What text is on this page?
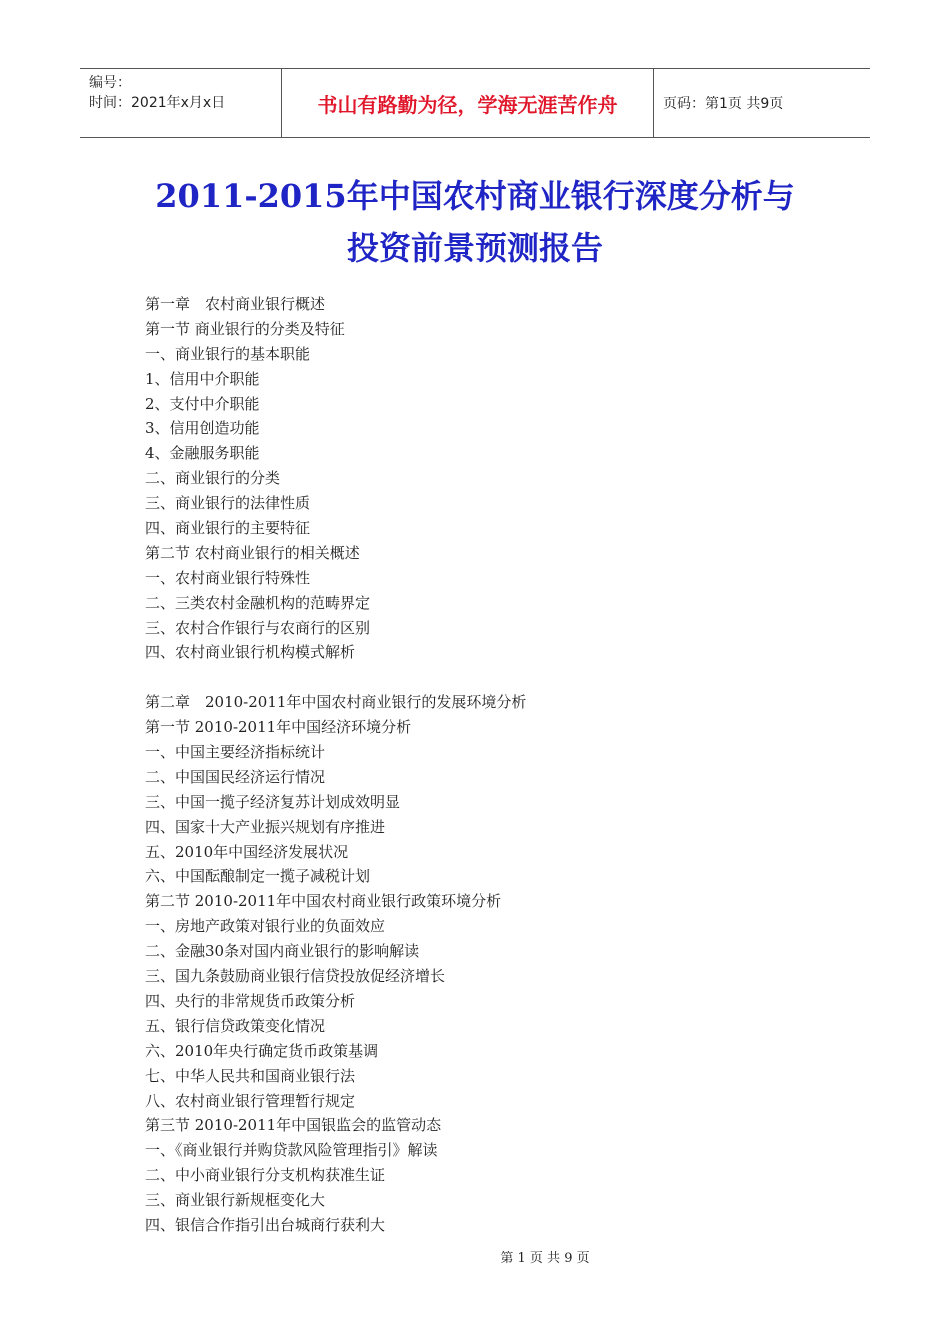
编号：
时间：2021年x月x日	书山有路勤为径，学海无涯苦作舟	页码：第1页 共9页
2011-2015年中国农村商业银行深度分析与
投资前景预测报告
第一章　农村商业银行概述
第一节 商业银行的分类及特征
一、商业银行的基本职能
1、信用中介职能
2、支付中介职能
3、信用创造功能
4、金融服务职能
二、商业银行的分类
三、商业银行的法律性质
四、商业银行的主要特征
第二节 农村商业银行的相关概述
一、农村商业银行特殊性
二、三类农村金融机构的范畴界定
三、农村合作银行与农商行的区别
四、农村商业银行机构模式解析
第二章　2010-2011年中国农村商业银行的发展环境分析
第一节 2010-2011年中国经济环境分析
一、中国主要经济指标统计
二、中国国民经济运行情况
三、中国一揽子经济复苏计划成效明显
四、国家十大产业振兴规划有序推进
五、2010年中国经济发展状况
六、中国酝酿制定一揽子减税计划
第二节 2010-2011年中国农村商业银行政策环境分析
一、房地产政策对银行业的负面效应
二、金融30条对国内商业银行的影响解读
三、国九条鼓励商业银行信贷投放促经济增长
四、央行的非常规货币政策分析
五、银行信贷政策变化情况
六、2010年央行确定货币政策基调
七、中华人民共和国商业银行法
八、农村商业银行管理暂行规定
第三节 2010-2011年中国银监会的监管动态
一、《商业银行并购贷款风险管理指引》解读
二、中小商业银行分支机构获准生证
三、商业银行新规框变化大
四、银信合作指引出台城商行获利大
第 1 页 共 9 页
